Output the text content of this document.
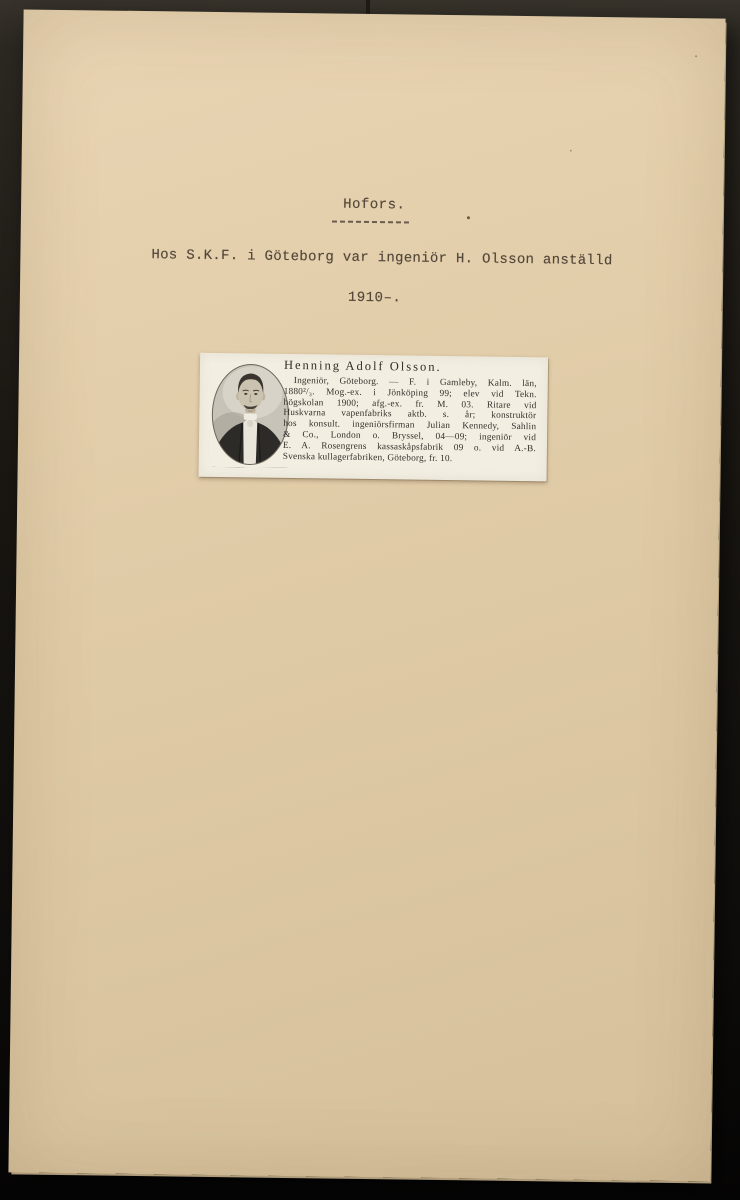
Hofors.
Hos S.K.F. i Göteborg var ingeniör H. Olsson anställd
1910–.
Henning Adolf Olsson.
Ingeniör, Göteborg. — F. i Gamleby, Kalm. län,
1880²/₃. Mog.-ex. i Jönköping 99; elev vid Tekn.
högskolan 1900; afg.-ex. fr. M. 03. Ritare vid
Huskvarna vapenfabriks aktb. s. år; konstruktör
hos konsult. ingeniörsfirman Julian Kennedy, Sahlin
& Co., London o. Bryssel, 04—09; ingeniör vid
E. A. Rosengrens kassaskåpsfabrik 09 o. vid A.-B.
Svenska kullagerfabriken, Göteborg, fr. 10.
